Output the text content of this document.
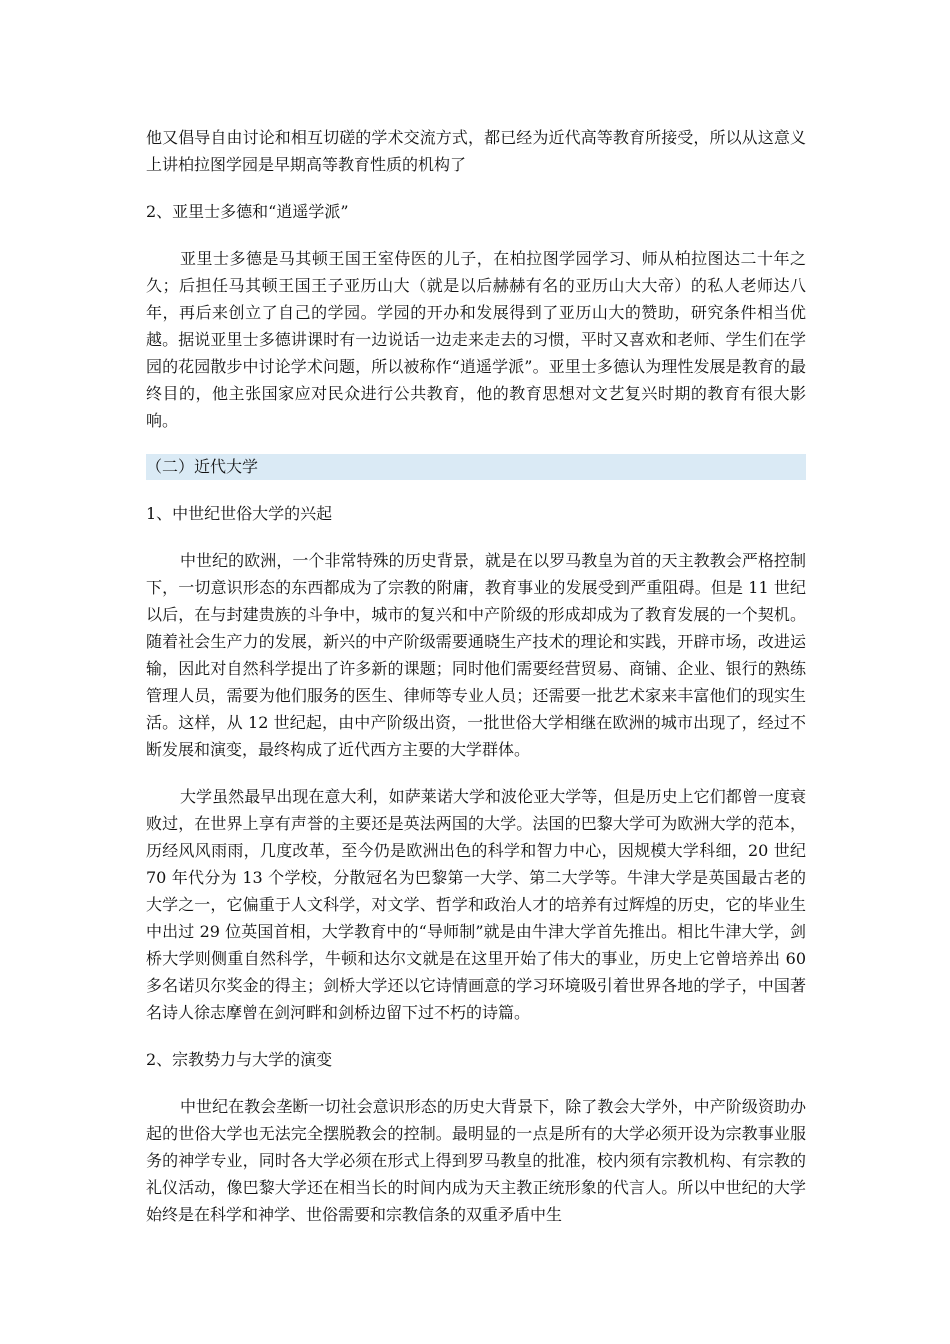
他又倡导自由讨论和相互切磋的学术交流方式，都已经为近代高等教育所接受，所以从这意义上讲柏拉图学园是早期高等教育性质的机构了

2、亚里士多德和“逍遥学派”

亚里士多德是马其顿王国王室侍医的儿子，在柏拉图学园学习、师从柏拉图达二十年之久；后担任马其顿王国王子亚历山大（就是以后赫赫有名的亚历山大大帝）的私人老师达八年，再后来创立了自己的学园。学园的开办和发展得到了亚历山大的赞助，研究条件相当优越。据说亚里士多德讲课时有一边说话一边走来走去的习惯，平时又喜欢和老师、学生们在学园的花园散步中讨论学术问题，所以被称作“逍遥学派”。亚里士多德认为理性发展是教育的最终目的，他主张国家应对民众进行公共教育，他的教育思想对文艺复兴时期的教育有很大影响。

（二）近代大学

1、中世纪世俗大学的兴起

中世纪的欧洲，一个非常特殊的历史背景，就是在以罗马教皇为首的天主教教会严格控制下，一切意识形态的东西都成为了宗教的附庸，教育事业的发展受到严重阻碍。但是 11 世纪以后，在与封建贵族的斗争中，城市的复兴和中产阶级的形成却成为了教育发展的一个契机。随着社会生产力的发展，新兴的中产阶级需要通晓生产技术的理论和实践，开辟市场，改进运输，因此对自然科学提出了许多新的课题；同时他们需要经营贸易、商铺、企业、银行的熟练管理人员，需要为他们服务的医生、律师等专业人员；还需要一批艺术家来丰富他们的现实生活。这样，从 12 世纪起，由中产阶级出资，一批世俗大学相继在欧洲的城市出现了，经过不断发展和演变，最终构成了近代西方主要的大学群体。

大学虽然最早出现在意大利，如萨莱诺大学和波伦亚大学等，但是历史上它们都曾一度衰败过，在世界上享有声誉的主要还是英法两国的大学。法国的巴黎大学可为欧洲大学的范本，历经风风雨雨，几度改革，至今仍是欧洲出色的科学和智力中心，因规模大学科细，20 世纪 70 年代分为 13 个学校，分散冠名为巴黎第一大学、第二大学等。牛津大学是英国最古老的大学之一，它偏重于人文科学，对文学、哲学和政治人才的培养有过辉煌的历史，它的毕业生中出过 29 位英国首相，大学教育中的“导师制”就是由牛津大学首先推出。相比牛津大学，剑桥大学则侧重自然科学，牛顿和达尔文就是在这里开始了伟大的事业，历史上它曾培养出 60 多名诺贝尔奖金的得主；剑桥大学还以它诗情画意的学习环境吸引着世界各地的学子，中国著名诗人徐志摩曾在剑河畔和剑桥边留下过不朽的诗篇。

2、宗教势力与大学的演变

中世纪在教会垄断一切社会意识形态的历史大背景下，除了教会大学外，中产阶级资助办起的世俗大学也无法完全摆脱教会的控制。最明显的一点是所有的大学必须开设为宗教事业服务的神学专业，同时各大学必须在形式上得到罗马教皇的批准，校内须有宗教机构、有宗教的礼仪活动，像巴黎大学还在相当长的时间内成为天主教正统形象的代言人。所以中世纪的大学始终是在科学和神学、世俗需要和宗教信条的双重矛盾中生
